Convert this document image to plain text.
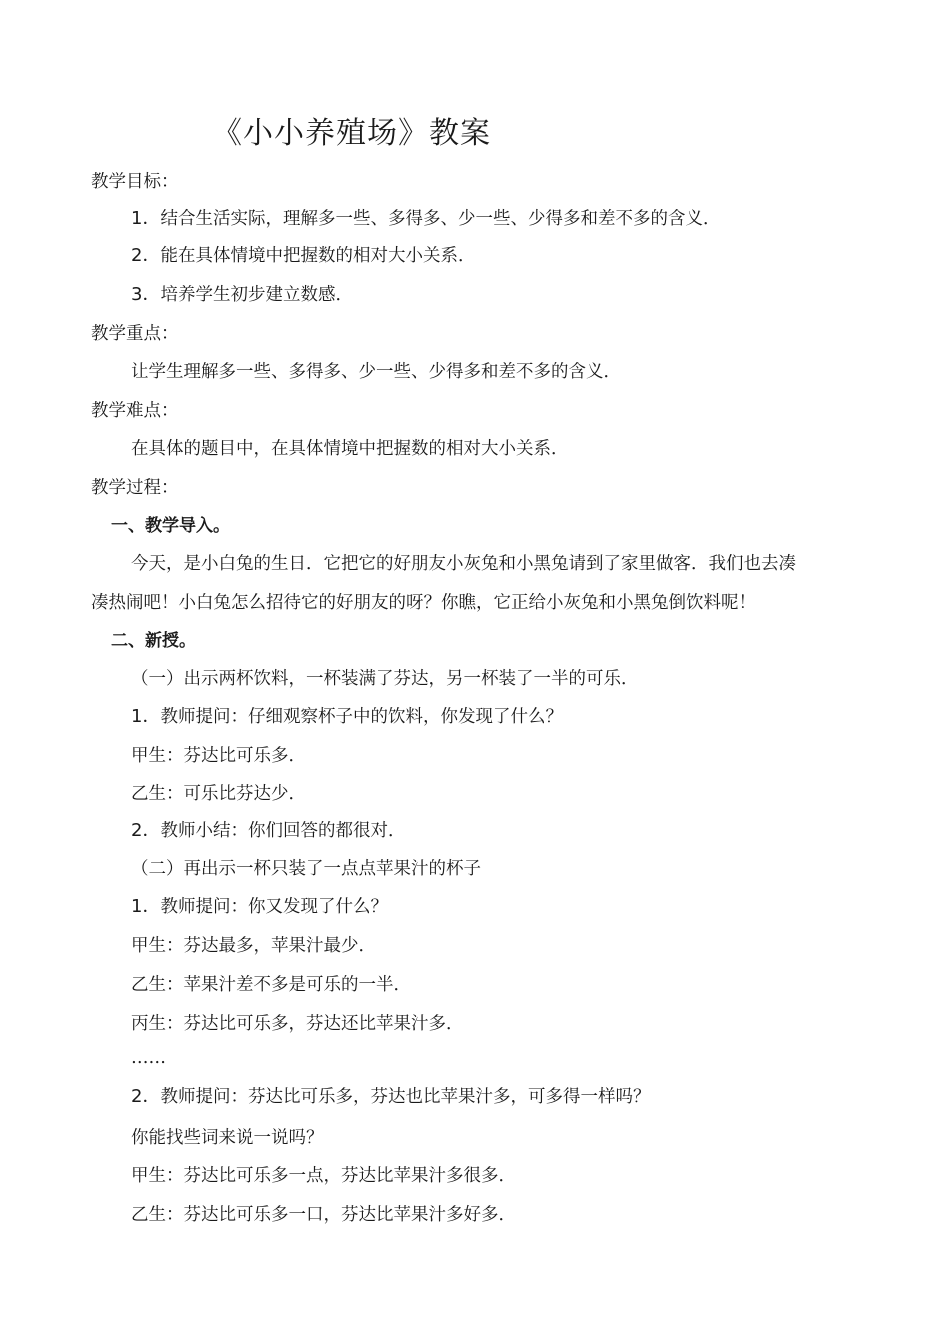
《小小养殖场》教案
教学目标：
1．结合生活实际，理解多一些、多得多、少一些、少得多和差不多的含义．
2．能在具体情境中把握数的相对大小关系．
3．培养学生初步建立数感．
教学重点：
让学生理解多一些、多得多、少一些、少得多和差不多的含义．
教学难点：
在具体的题目中，在具体情境中把握数的相对大小关系．
教学过程：
一、教学导入。
今天，是小白兔的生日．它把它的好朋友小灰兔和小黑兔请到了家里做客．我们也去凑
凑热闹吧！小白兔怎么招待它的好朋友的呀？你瞧，它正给小灰兔和小黑兔倒饮料呢！
二、新授。
（一）出示两杯饮料，一杯装满了芬达，另一杯装了一半的可乐．
1．教师提问：仔细观察杯子中的饮料，你发现了什么？
甲生：芬达比可乐多．
乙生：可乐比芬达少．
2．教师小结：你们回答的都很对．
（二）再出示一杯只装了一点点苹果汁的杯子
1．教师提问：你又发现了什么？
甲生：芬达最多，苹果汁最少．
乙生：苹果汁差不多是可乐的一半．
丙生：芬达比可乐多，芬达还比苹果汁多．
……
2．教师提问：芬达比可乐多，芬达也比苹果汁多，可多得一样吗？
你能找些词来说一说吗？
甲生：芬达比可乐多一点，芬达比苹果汁多很多．
乙生：芬达比可乐多一口，芬达比苹果汁多好多．
